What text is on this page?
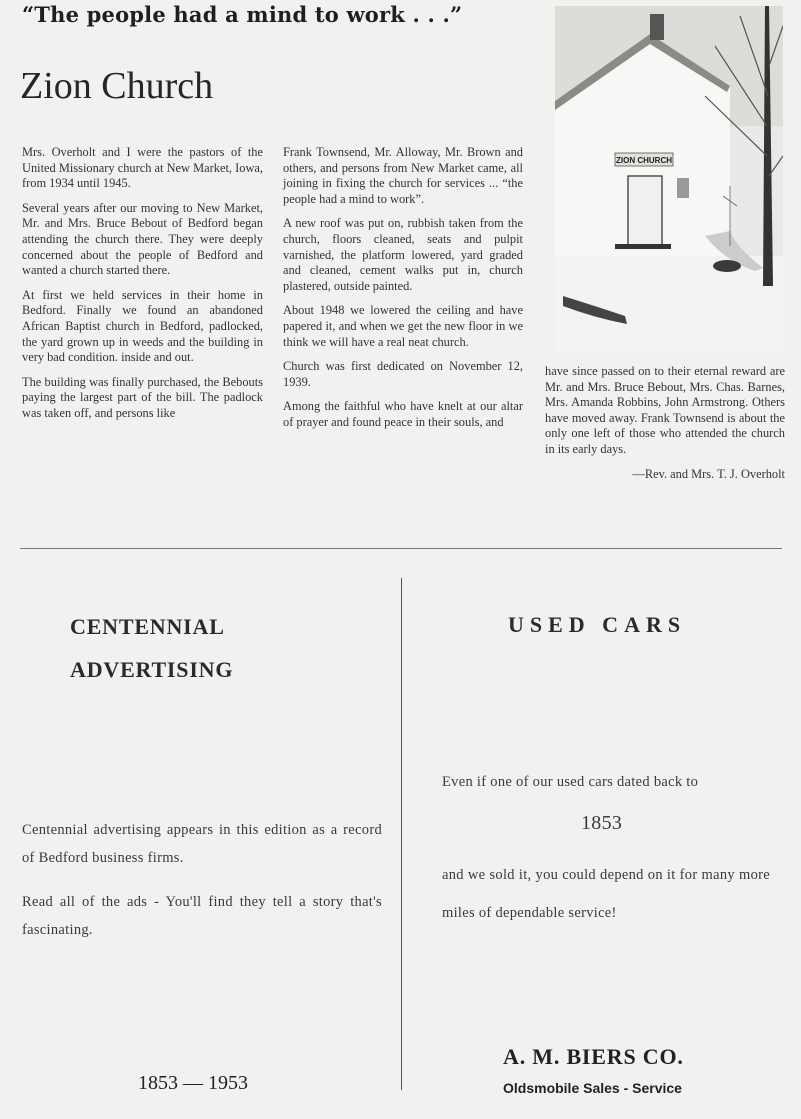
“The people had a mind to work . . .”
Zion Church

Mrs. Overholt and I were the pastors of the United Missionary church at New Market, Iowa, from 1934 until 1945.

Several years after our moving to New Market, Mr. and Mrs. Bruce Bebout of Bedford began attending the church there. They were deeply concerned about the people of Bedford and wanted a church started there.

At first we held services in their home in Bedford. Finally we found an abandoned African Baptist church in Bedford, padlocked, the yard grown up in weeds and the building in very bad condition. inside and out.

The building was finally purchased, the Bebouts paying the largest part of the bill. The padlock was taken off, and persons like

Frank Townsend, Mr. Alloway, Mr. Brown and others, and persons from New Market came, all joining in fixing the church for services ... “the people had a mind to work”.

A new roof was put on, rubbish taken from the church, floors cleaned, seats and pulpit varnished, the platform lowered, yard graded and cleaned, cement walks put in, church plastered, outside painted.

About 1948 we lowered the ceiling and have papered it, and when we get the new floor in we think we will have a real neat church.

Church was first dedicated on November 12, 1939.

Among the faithful who have knelt at our altar of prayer and found peace in their souls, and

have since passed on to their eternal reward are Mr. and Mrs. Bruce Bebout, Mrs. Chas. Barnes, Mrs. Amanda Robbins, John Armstrong. Others have moved away. Frank Townsend is about the only one left of those who attended the church in its early days.

—Rev. and Mrs. T. J. Overholt
ZION CHURCH
CENTENNIAL
ADVERTISING
Centennial advertising appears in this edition as a record of Bedford business firms.
Read all of the ads - You'll find they tell a story that's fascinating.
1853 — 1953
USED CARS
Even if one of our used cars dated back to
1853
and we sold it, you could depend on it for many more miles of dependable service!
A. M. BIERS CO.
Oldsmobile Sales - Service
